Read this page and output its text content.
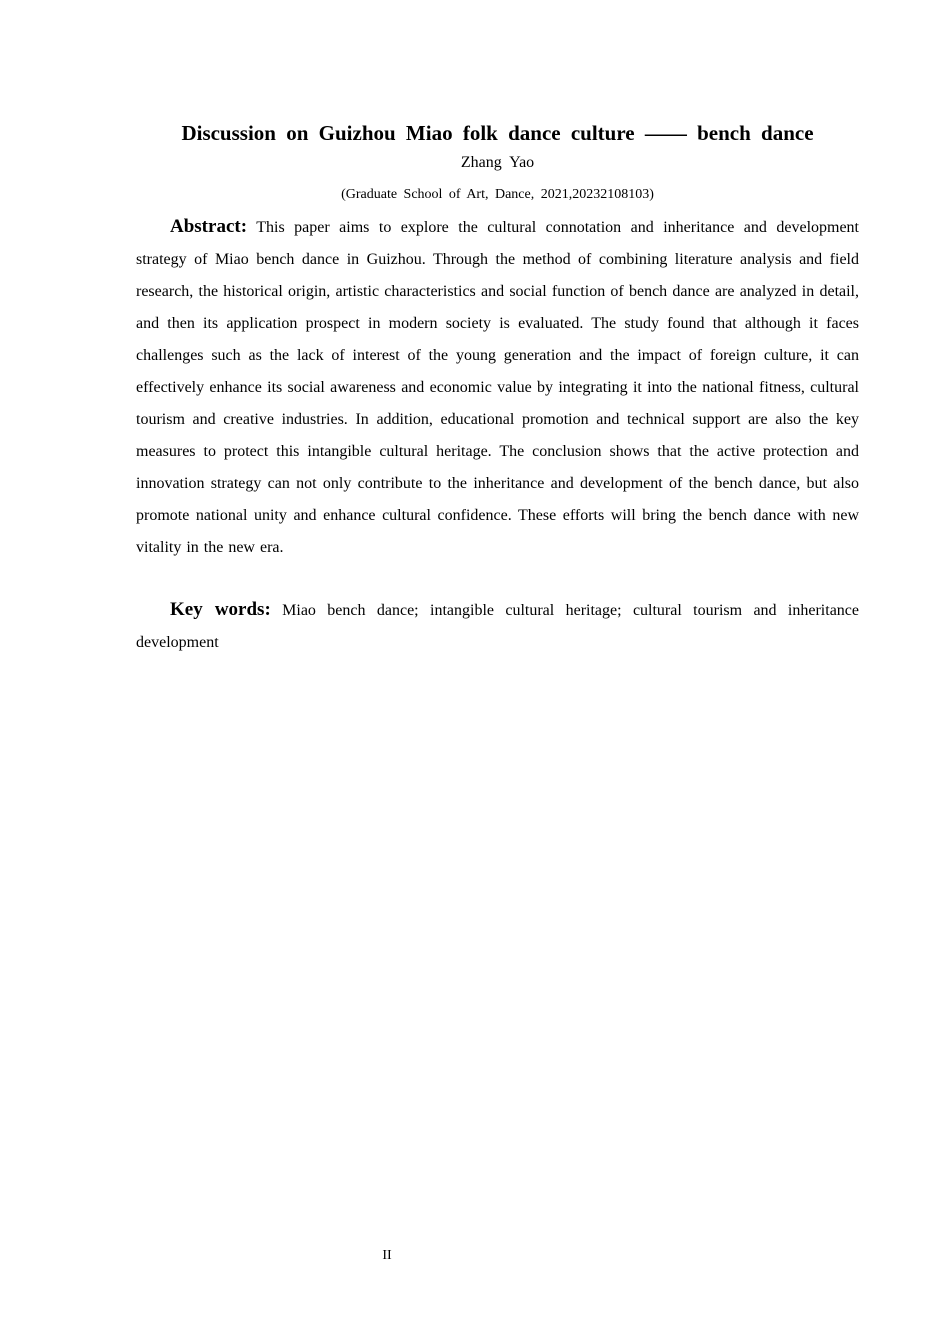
Discussion on Guizhou Miao folk dance culture —— bench dance
Zhang Yao
(Graduate School of Art, Dance, 2021,20232108103)

Abstract: This paper aims to explore the cultural connotation and inheritance and development strategy of Miao bench dance in Guizhou. Through the method of combining literature analysis and field research, the historical origin, artistic characteristics and social function of bench dance are analyzed in detail, and then its application prospect in modern society is evaluated. The study found that although it faces challenges such as the lack of interest of the young generation and the impact of foreign culture, it can effectively enhance its social awareness and economic value by integrating it into the national fitness, cultural tourism and creative industries. In addition, educational promotion and technical support are also the key measures to protect this intangible cultural heritage. The conclusion shows that the active protection and innovation strategy can not only contribute to the inheritance and development of the bench dance, but also promote national unity and enhance cultural confidence. These efforts will bring the bench dance with new vitality in the new era.

Key words: Miao bench dance; intangible cultural heritage; cultural tourism and inheritance development

II
